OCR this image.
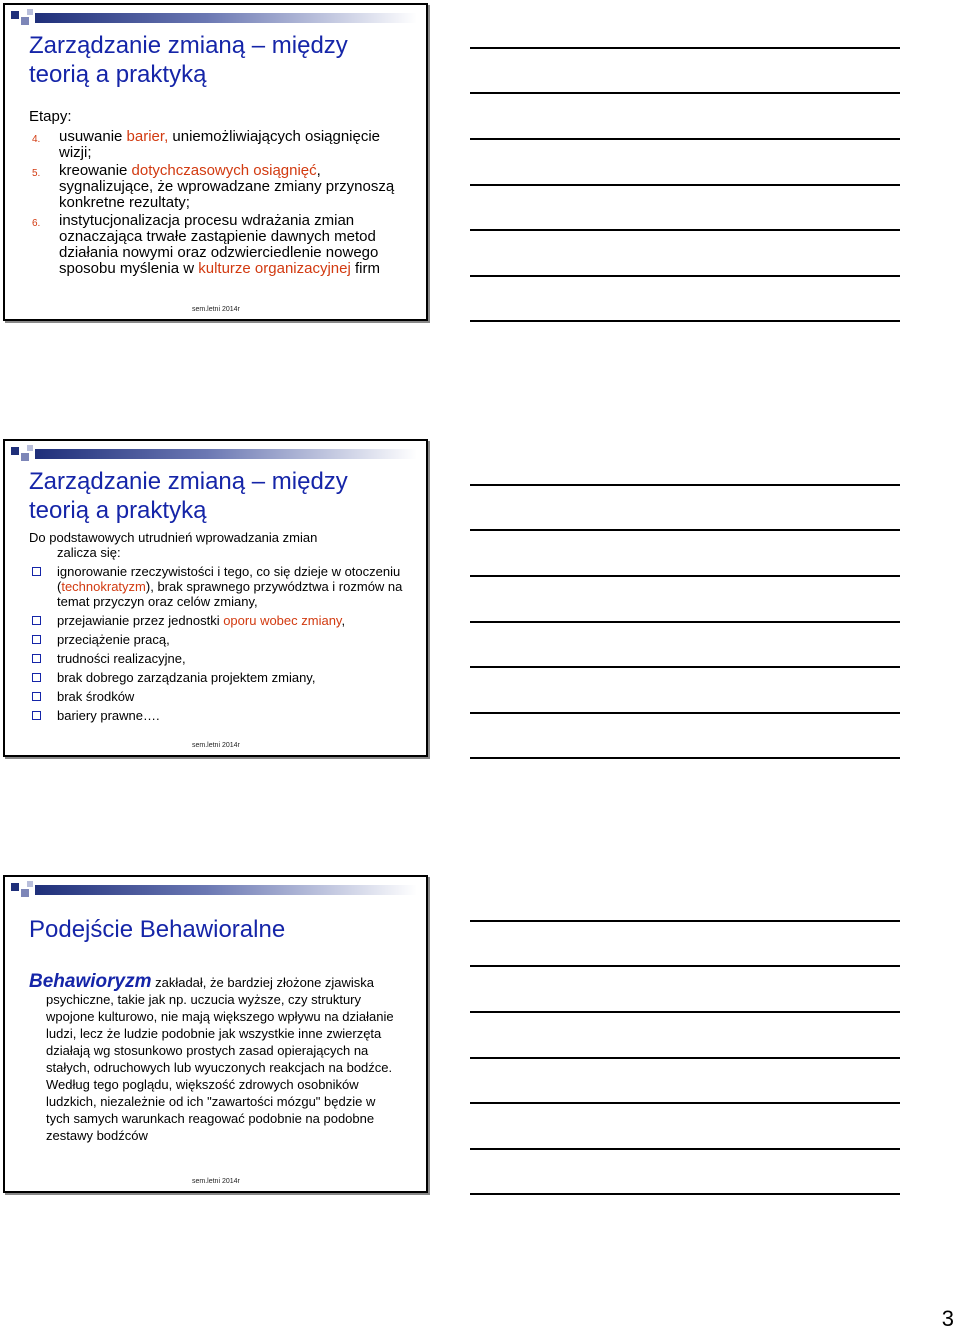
Zarządzanie zmianą – między
teorią a praktyką
Etapy:
4. usuwanie barier, uniemożliwiających osiągnięcie wizji;
5. kreowanie dotychczasowych osiągnięć, sygnalizujące, że wprowadzane zmiany przynoszą konkretne rezultaty;
6. instytucjonalizacja procesu wdrażania zmian oznaczająca trwałe zastąpienie dawnych metod działania nowymi oraz odzwierciedlenie nowego sposobu myślenia w kulturze organizacyjnej firm
sem.letni 2014r
Zarządzanie zmianą – między
teorią a praktyką
Do podstawowych utrudnień wprowadzania zmian
zalicza się:
ignorowanie rzeczywistości i tego, co się dzieje w otoczeniu (technokratyzm), brak sprawnego przywództwa i rozmów na temat przyczyn oraz celów zmiany,
przejawianie przez jednostki oporu wobec zmiany,
przeciążenie pracą,
trudności realizacyjne,
brak dobrego zarządzania projektem zmiany,
brak środków
bariery prawne….
sem.letni 2014r
Podejście Behawioralne
Behawioryzm zakładał, że bardziej złożone zjawiska psychiczne, takie jak np. uczucia wyższe, czy struktury wpojone kulturowo, nie mają większego wpływu na działanie ludzi, lecz że ludzie podobnie jak wszystkie inne zwierzęta działają wg stosunkowo prostych zasad opierających na stałych, odruchowych lub wyuczonych reakcjach na bodźce. Według tego poglądu, większość zdrowych osobników ludzkich, niezależnie od ich "zawartości mózgu" będzie w tych samych warunkach reagować podobnie na podobne zestawy bodźców
sem.letni 2014r
3
